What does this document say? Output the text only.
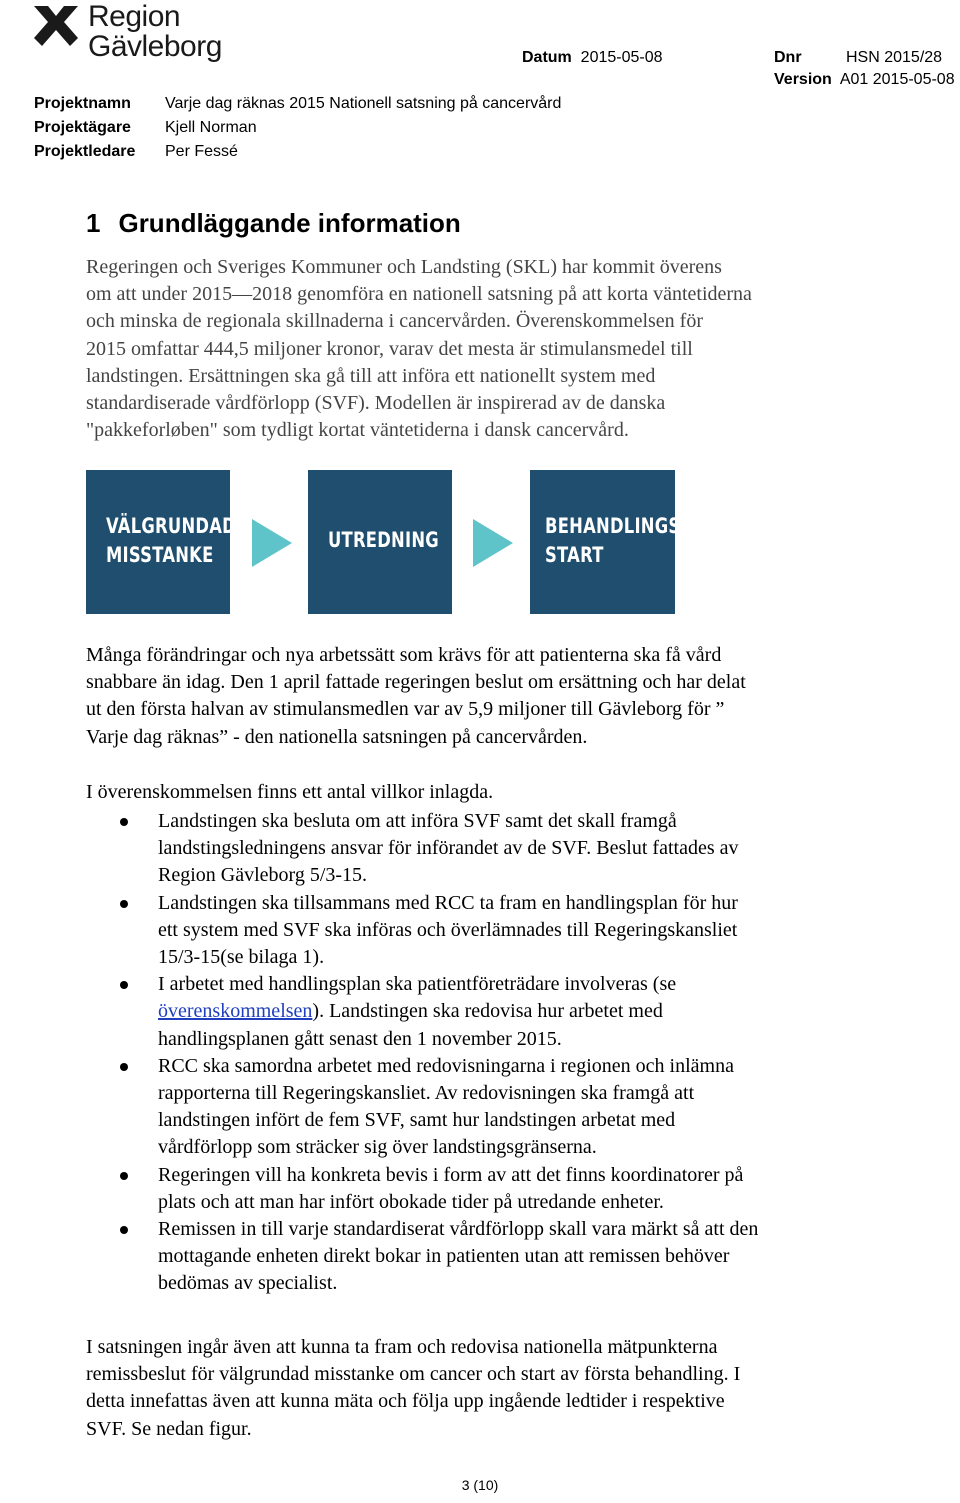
Region
Gävleborg	Datum 2015-05-08	Dnr	HSN 2015/28
Version A01 2015-05-08
Projektnamn Varje dag räknas 2015 Nationell satsning på cancervård
Projektägare Kjell Norman
Projektledare Per Fessé
1 Grundläggande information
Regeringen och Sveriges Kommuner och Landsting (SKL) har kommit överens
om att under 2015—2018 genomföra en nationell satsning på att korta väntetiderna
och minska de regionala skillnaderna i cancervården. Överenskommelsen för
2015 omfattar 444,5 miljoner kronor, varav det mesta är stimulansmedel till
landstingen. Ersättningen ska gå till att införa ett nationellt system med
standardiserade vårdförlopp (SVF). Modellen är inspirerad av de danska
"pakkeforløben" som tydligt kortat väntetiderna i dansk cancervård.
VÄLGRUNDAD
MISSTANKE
UTREDNING
BEHANDLINGS-
START
Många förändringar och nya arbetssätt som krävs för att patienterna ska få vård
snabbare än idag. Den 1 april fattade regeringen beslut om ersättning och har delat
ut den första halvan av stimulansmedlen var av 5,9 miljoner till Gävleborg för ”
Varje dag räknas” - den nationella satsningen på cancervården.
I överenskommelsen finns ett antal villkor inlagda.
Landstingen ska besluta om att införa SVF samt det skall framgå
landstingsledningens ansvar för införandet av de SVF. Beslut fattades av
Region Gävleborg 5/3-15.
Landstingen ska tillsammans med RCC ta fram en handlingsplan för hur
ett system med SVF ska införas och överlämnades till Regeringskansliet
15/3-15(se bilaga 1).
I arbetet med handlingsplan ska patientföreträdare involveras (se
överenskommelsen). Landstingen ska redovisa hur arbetet med
handlingsplanen gått senast den 1 november 2015.
RCC ska samordna arbetet med redovisningarna i regionen och inlämna
rapporterna till Regeringskansliet. Av redovisningen ska framgå att
landstingen infört de fem SVF, samt hur landstingen arbetat med
vårdförlopp som sträcker sig över landstingsgränserna.
Regeringen vill ha konkreta bevis i form av att det finns koordinatorer på
plats och att man har infört obokade tider på utredande enheter.
Remissen in till varje standardiserat vårdförlopp skall vara märkt så att den
mottagande enheten direkt bokar in patienten utan att remissen behöver
bedömas av specialist.
I satsningen ingår även att kunna ta fram och redovisa nationella mätpunkterna
remissbeslut för välgrundad misstanke om cancer och start av första behandling. I
detta innefattas även att kunna mäta och följa upp ingående ledtider i respektive
SVF. Se nedan figur.
3 (10)
